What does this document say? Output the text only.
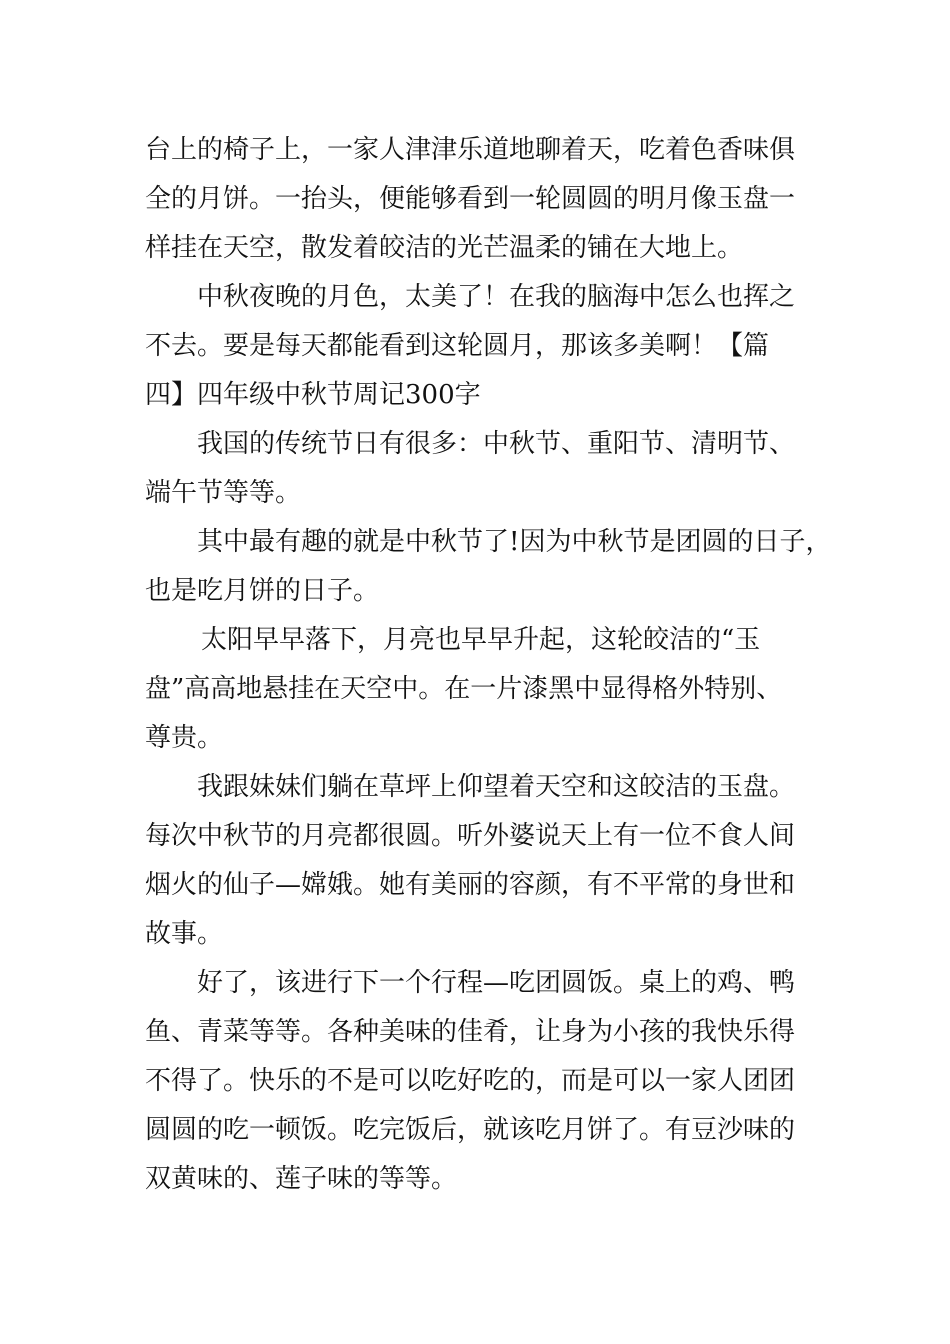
台上的椅子上，一家人津津乐道地聊着天，吃着色香味俱
全的月饼。一抬头，便能够看到一轮圆圆的明月像玉盘一
样挂在天空，散发着皎洁的光芒温柔的铺在大地上。
中秋夜晚的月色，太美了！在我的脑海中怎么也挥之
不去。要是每天都能看到这轮圆月，那该多美啊！【篇
四】四年级中秋节周记300字
我国的传统节日有很多：中秋节、重阳节、清明节、
端午节等等。
其中最有趣的就是中秋节了!因为中秋节是团圆的日子，
也是吃月饼的日子。
太阳早早落下，月亮也早早升起，这轮皎洁的“玉
盘”高高地悬挂在天空中。在一片漆黑中显得格外特别、
尊贵。
我跟妹妹们躺在草坪上仰望着天空和这皎洁的玉盘。
每次中秋节的月亮都很圆。听外婆说天上有一位不食人间
烟火的仙子—嫦娥。她有美丽的容颜，有不平常的身世和
故事。
好了，该进行下一个行程—吃团圆饭。桌上的鸡、鸭
鱼、青菜等等。各种美味的佳肴，让身为小孩的我快乐得
不得了。快乐的不是可以吃好吃的，而是可以一家人团团
圆圆的吃一顿饭。吃完饭后，就该吃月饼了。有豆沙味的
双黄味的、莲子味的等等。
